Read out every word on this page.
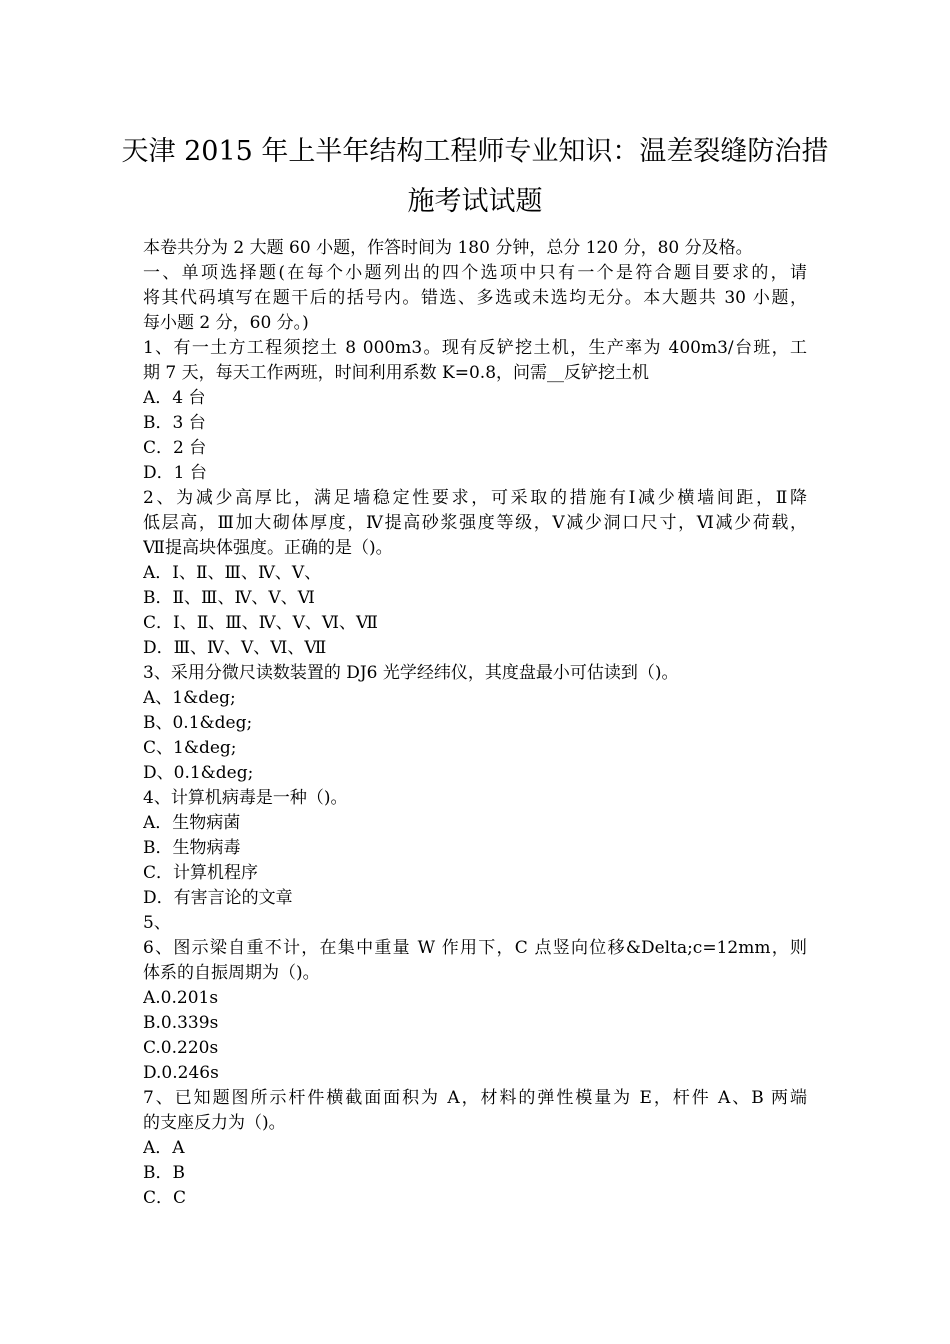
天津 2015 年上半年结构工程师专业知识：温差裂缝防治措
施考试试题
本卷共分为 2 大题 60 小题，作答时间为 180 分钟，总分 120 分，80 分及格。
一、单项选择题(在每个小题列出的四个选项中只有一个是符合题目要求的，请
将其代码填写在题干后的括号内。错选、多选或未选均无分。本大题共 30 小题，
每小题 2 分，60 分。)
1、有一土方工程须挖土 8 000m3。现有反铲挖土机，生产率为 400m3/台班，工
期 7 天，每天工作两班，时间利用系数 K=0.8，问需__反铲挖土机
A．4 台
B．3 台
C．2 台
D．1 台
2、为减少高厚比，满足墙稳定性要求，可采取的措施有Ⅰ减少横墙间距，Ⅱ降
低层高，Ⅲ加大砌体厚度，Ⅳ提高砂浆强度等级，Ⅴ减少洞口尺寸，Ⅵ减少荷载，
Ⅶ提高块体强度。正确的是（)。
A．Ⅰ、Ⅱ、Ⅲ、Ⅳ、Ⅴ、
B．Ⅱ、Ⅲ、Ⅳ、Ⅴ、Ⅵ
C．Ⅰ、Ⅱ、Ⅲ、Ⅳ、Ⅴ、Ⅵ、Ⅶ
D．Ⅲ、Ⅳ、Ⅴ、Ⅵ、Ⅶ
3、采用分微尺读数装置的 DJ6 光学经纬仪，其度盘最小可估读到（)。
A、1&deg;
B、0.1&deg;
C、1&deg;
D、0.1&deg;
4、计算机病毒是一种（)。
A．生物病菌
B．生物病毒
C．计算机程序
D．有害言论的文章
5、
6、图示梁自重不计，在集中重量 W 作用下，C 点竖向位移&Delta;c=12mm，则
体系的自振周期为（)。
A.0.201s
B.0.339s
C.0.220s
D.0.246s
7、已知题图所示杆件横截面面积为 A，材料的弹性模量为 E，杆件 A、B 两端
的支座反力为（)。
A．A
B．B
C．C
